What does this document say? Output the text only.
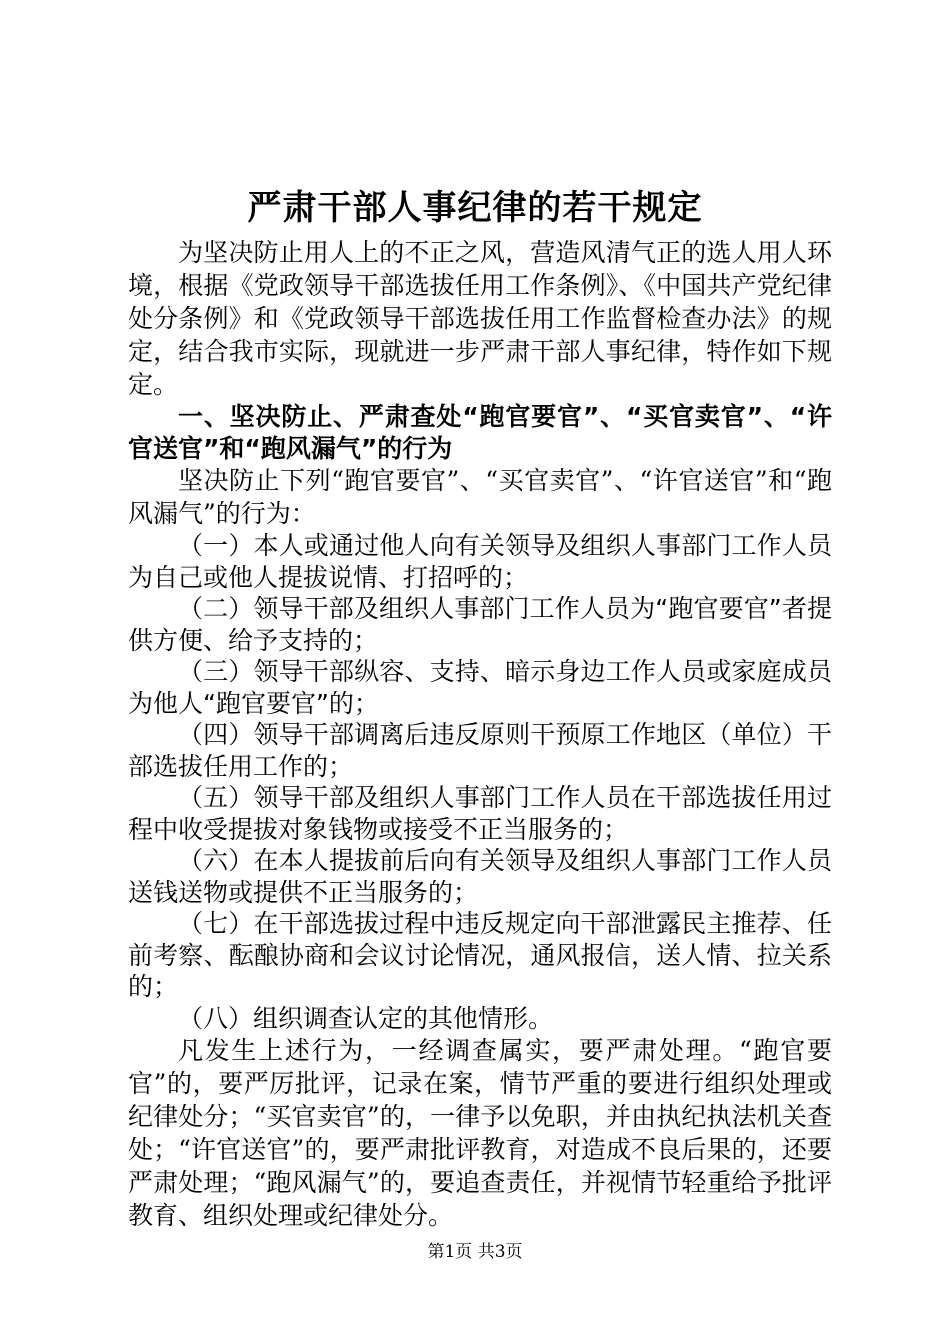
严肃干部人事纪律的若干规定

为坚决防止用人上的不正之风，营造风清气正的选人用人环境，根据《党政领导干部选拔任用工作条例》、《中国共产党纪律处分条例》和《党政领导干部选拔任用工作监督检查办法》的规定，结合我市实际，现就进一步严肃干部人事纪律，特作如下规定。

一、坚决防止、严肃查处“跑官要官”、“买官卖官”、“许官送官”和“跑风漏气”的行为

坚决防止下列“跑官要官”、“买官卖官”、“许官送官”和“跑风漏气”的行为：

（一）本人或通过他人向有关领导及组织人事部门工作人员为自己或他人提拔说情、打招呼的；

（二）领导干部及组织人事部门工作人员为“跑官要官”者提供方便、给予支持的；

（三）领导干部纵容、支持、暗示身边工作人员或家庭成员为他人“跑官要官”的；

（四）领导干部调离后违反原则干预原工作地区（单位）干部选拔任用工作的；

（五）领导干部及组织人事部门工作人员在干部选拔任用过程中收受提拔对象钱物或接受不正当服务的；

（六）在本人提拔前后向有关领导及组织人事部门工作人员送钱送物或提供不正当服务的；

（七）在干部选拔过程中违反规定向干部泄露民主推荐、任前考察、酝酿协商和会议讨论情况，通风报信，送人情、拉关系的；

（八）组织调查认定的其他情形。

凡发生上述行为，一经调查属实，要严肃处理。“跑官要官”的，要严厉批评，记录在案，情节严重的要进行组织处理或纪律处分；“买官卖官”的，一律予以免职，并由执纪执法机关查处；“许官送官”的，要严肃批评教育，对造成不良后果的，还要严肃处理；“跑风漏气”的，要追查责任，并视情节轻重给予批评教育、组织处理或纪律处分。

第1页 共3页
